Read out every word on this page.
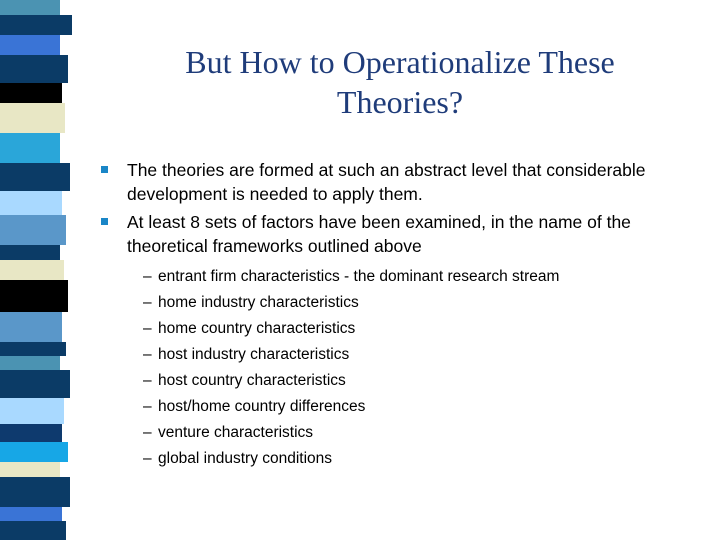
But How to Operationalize These Theories?
The theories are formed at such an abstract level that considerable development is needed to apply them.
At least 8 sets of factors have been examined, in the name of the theoretical frameworks outlined above
– entrant firm characteristics - the dominant research stream
– home industry characteristics
– home country characteristics
– host industry characteristics
– host country characteristics
– host/home country differences
– venture characteristics
– global industry conditions
